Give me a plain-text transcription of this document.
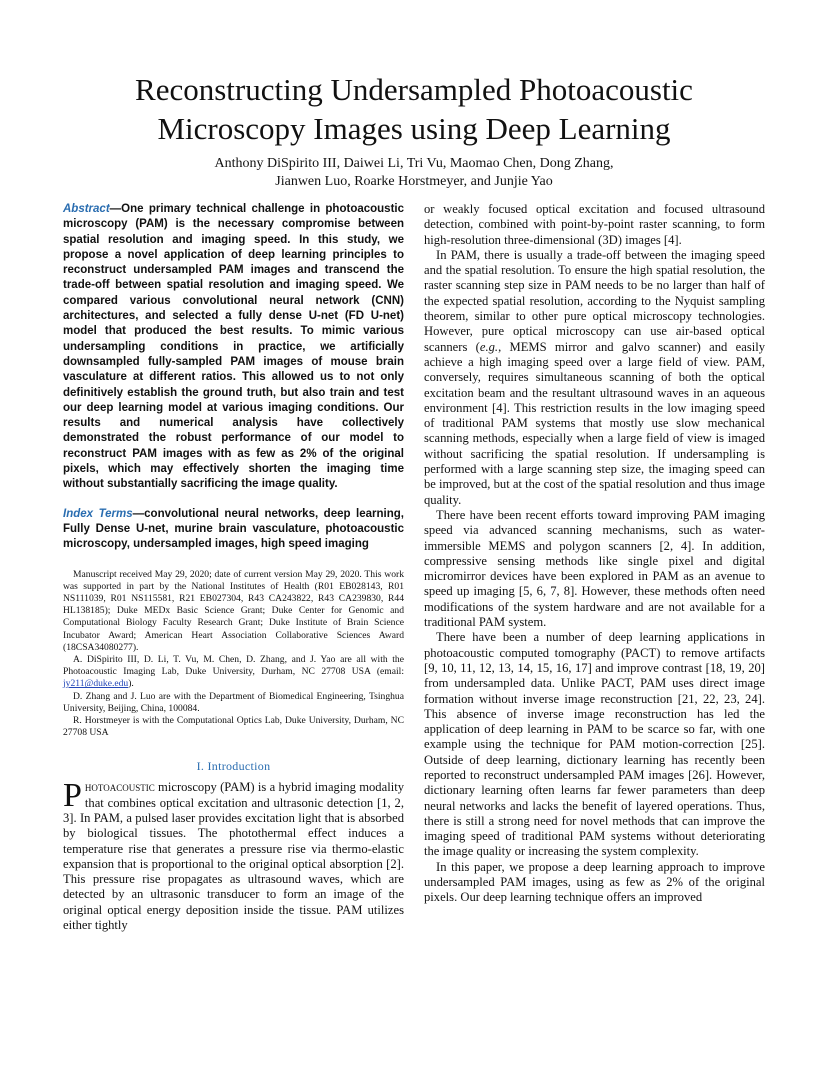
Reconstructing Undersampled Photoacoustic
Microscopy Images using Deep Learning
Anthony DiSpirito III, Daiwei Li, Tri Vu, Maomao Chen, Dong Zhang,
Jianwen Luo, Roarke Horstmeyer, and Junjie Yao

Abstract—One primary technical challenge in photoacoustic microscopy (PAM) is the necessary compromise between spatial resolution and imaging speed. In this study, we propose a novel application of deep learning principles to reconstruct undersampled PAM images and transcend the trade-off between spatial resolution and imaging speed. We compared various convolutional neural network (CNN) architectures, and selected a fully dense U-net (FD U-net) model that produced the best results. To mimic various undersampling conditions in practice, we artificially downsampled fully-sampled PAM images of mouse brain vasculature at different ratios. This allowed us to not only definitively establish the ground truth, but also train and test our deep learning model at various imaging conditions. Our results and numerical analysis have collectively demonstrated the robust performance of our model to reconstruct PAM images with as few as 2% of the original pixels, which may effectively shorten the imaging time without substantially sacrificing the image quality.

Index Terms—convolutional neural networks, deep learning, Fully Dense U-net, murine brain vasculature, photoacoustic microscopy, undersampled images, high speed imaging

Manuscript received May 29, 2020; date of current version May 29, 2020. This work was supported in part by the National Institutes of Health (R01 EB028143, R01 NS111039, R01 NS115581, R21 EB027304, R43 CA243822, R43 CA239830, R44 HL138185); Duke MEDx Basic Science Grant; Duke Center for Genomic and Computational Biology Faculty Research Grant; Duke Institute of Brain Science Incubator Award; American Heart Association Collaborative Sciences Award (18CSA34080277).

A. DiSpirito III, D. Li, T. Vu, M. Chen, D. Zhang, and J. Yao are all with the Photoacoustic Imaging Lab, Duke University, Durham, NC 27708 USA (email: jy211@duke.edu).

D. Zhang and J. Luo are with the Department of Biomedical Engineering, Tsinghua University, Beijing, China, 100084.

R. Horstmeyer is with the Computational Optics Lab, Duke University, Durham, NC 27708 USA

I. Introduction

Photoacoustic microscopy (PAM) is a hybrid imaging modality that combines optical excitation and ultrasonic detection [1, 2, 3]. In PAM, a pulsed laser provides excitation light that is absorbed by biological tissues. The photothermal effect induces a temperature rise that generates a pressure rise via thermo-elastic expansion that is proportional to the original optical absorption [2]. This pressure rise propagates as ultrasound waves, which are detected by an ultrasonic transducer to form an image of the original optical energy deposition inside the tissue. PAM utilizes either tightly

or weakly focused optical excitation and focused ultrasound detection, combined with point-by-point raster scanning, to form high-resolution three-dimensional (3D) images [4].

In PAM, there is usually a trade-off between the imaging speed and the spatial resolution. To ensure the high spatial resolution, the raster scanning step size in PAM needs to be no larger than half of the expected spatial resolution, according to the Nyquist sampling theorem, similar to other pure optical microscopy technologies. However, pure optical microscopy can use air-based optical scanners (e.g., MEMS mirror and galvo scanner) and easily achieve a high imaging speed over a large field of view. PAM, conversely, requires simultaneous scanning of both the optical excitation beam and the resultant ultrasound waves in an aqueous environment [4]. This restriction results in the low imaging speed of traditional PAM systems that mostly use slow mechanical scanning methods, especially when a large field of view is imaged without sacrificing the spatial resolution. If undersampling is performed with a large scanning step size, the imaging speed can be improved, but at the cost of the spatial resolution and thus image quality.

There have been recent efforts toward improving PAM imaging speed via advanced scanning mechanisms, such as water-immersible MEMS and polygon scanners [2, 4]. In addition, compressive sensing methods like single pixel and digital micromirror devices have been explored in PAM as an avenue to speed up imaging [5, 6, 7, 8]. However, these methods often need modifications of the system hardware and are not available for a traditional PAM system.

There have been a number of deep learning applications in photoacoustic computed tomography (PACT) to remove artifacts [9, 10, 11, 12, 13, 14, 15, 16, 17] and improve contrast [18, 19, 20] from undersampled data. Unlike PACT, PAM uses direct image formation without inverse image reconstruction [21, 22, 23, 24]. This absence of inverse image reconstruction has led the application of deep learning in PAM to be scarce so far, with one example using the technique for PAM motion-correction [25]. Outside of deep learning, dictionary learning has recently been reported to reconstruct undersampled PAM images [26]. However, dictionary learning often learns far fewer parameters than deep neural networks and lacks the benefit of layered operations. Thus, there is still a strong need for novel methods that can improve the imaging speed of traditional PAM systems without deteriorating the image quality or increasing the system complexity.

In this paper, we propose a deep learning approach to improve undersampled PAM images, using as few as 2% of the original pixels. Our deep learning technique offers an improved
